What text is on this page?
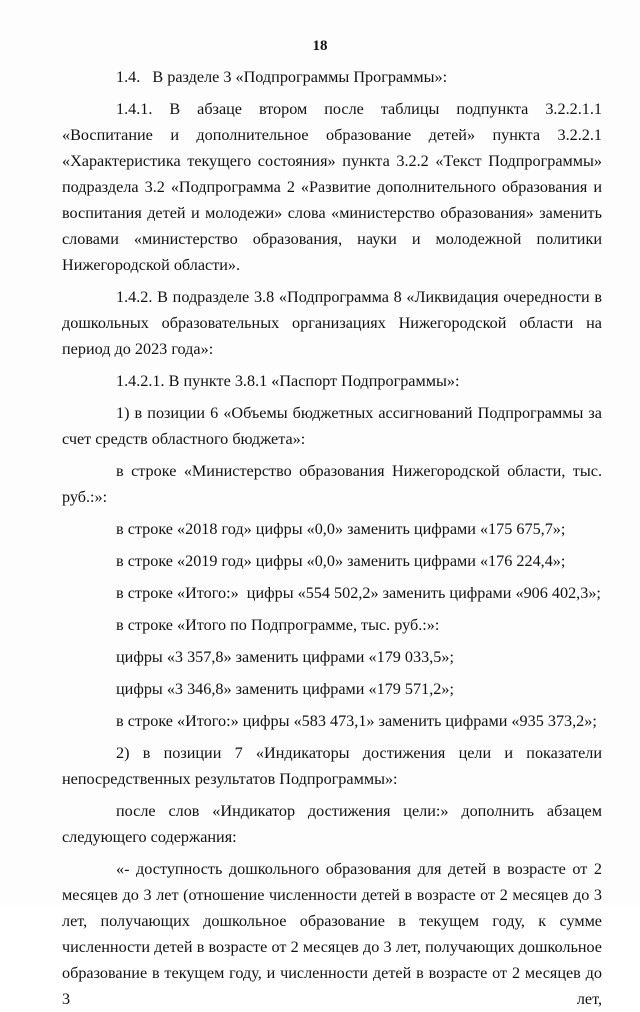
18

1.4.   В разделе 3 «Подпрограммы Программы»:

1.4.1. В абзаце втором после таблицы подпункта 3.2.2.1.1 «Воспитание и дополнительное образование детей» пункта 3.2.2.1 «Характеристика текущего состояния» пункта 3.2.2 «Текст Подпрограммы» подраздела 3.2 «Подпрограмма 2 «Развитие дополнительного образования и воспитания детей и молодежи» слова «министерство образования» заменить словами «министерство образования, науки и молодежной политики Нижегородской области».

1.4.2. В подразделе 3.8 «Подпрограмма 8 «Ликвидация очередности в дошкольных образовательных организациях Нижегородской области на период до 2023 года»:

1.4.2.1. В пункте 3.8.1 «Паспорт Подпрограммы»:

1) в позиции 6 «Объемы бюджетных ассигнований Подпрограммы за счет средств областного бюджета»:

в строке «Министерство образования Нижегородской области, тыс. руб.:»:

в строке «2018 год» цифры «0,0» заменить цифрами «175 675,7»;

в строке «2019 год» цифры «0,0» заменить цифрами «176 224,4»;

в строке «Итого:»  цифры «554 502,2» заменить цифрами «906 402,3»;

в строке «Итого по Подпрограмме, тыс. руб.:»:

цифры «3 357,8» заменить цифрами «179 033,5»;

цифры «3 346,8» заменить цифрами «179 571,2»;

в строке «Итого:» цифры «583 473,1» заменить цифрами «935 373,2»;

2) в позиции 7 «Индикаторы достижения цели и показатели непосредственных результатов Подпрограммы»:

после слов «Индикатор достижения цели:» дополнить абзацем следующего содержания:

«- доступность дошкольного образования для детей в возрасте от 2 месяцев до 3 лет (отношение численности детей в возрасте от 2 месяцев до 3 лет, получающих дошкольное образование в текущем году, к сумме численности детей в возрасте от 2 месяцев до 3 лет, получающих дошкольное образование в текущем году, и численности детей в возрасте от 2 месяцев до 3 лет,
